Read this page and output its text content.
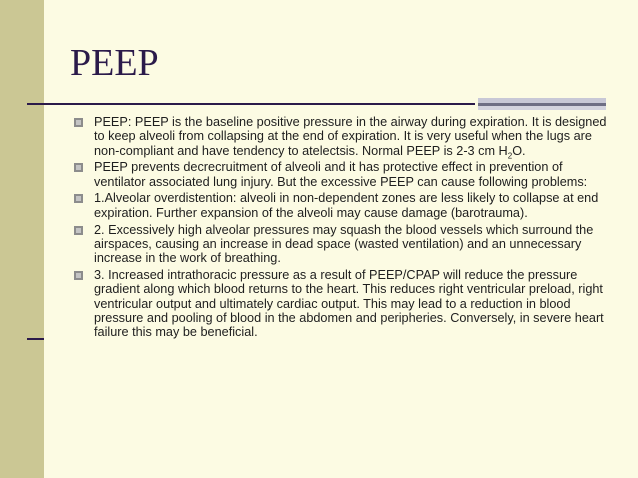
PEEP
PEEP: PEEP is the baseline positive pressure in the airway during expiration. It is designed to keep alveoli from collapsing at the end of expiration. It is very useful when the lugs are non-compliant and have tendency to atelectsis. Normal PEEP is 2-3 cm $H_2O$.
PEEP prevents decrecruitment of alveoli and it has protective effect in prevention of ventilator associated lung injury. But the excessive PEEP can cause following problems:
1.Alveolar overdistention: alveoli in non-dependent zones are less likely to collapse at end expiration. Further expansion of the alveoli may cause damage (barotrauma).
2. Excessively high alveolar pressures may squash the blood vessels which surround the airspaces, causing an increase in dead space (wasted ventilation) and an unnecessary increase in the work of breathing.
3. Increased intrathoracic pressure as a result of PEEP/CPAP will reduce the pressure gradient along which blood returns to the heart. This reduces right ventricular preload, right ventricular output and ultimately cardiac output. This may lead to a reduction in blood pressure and pooling of blood in the abdomen and peripheries. Conversely, in severe heart failure this may be beneficial.
